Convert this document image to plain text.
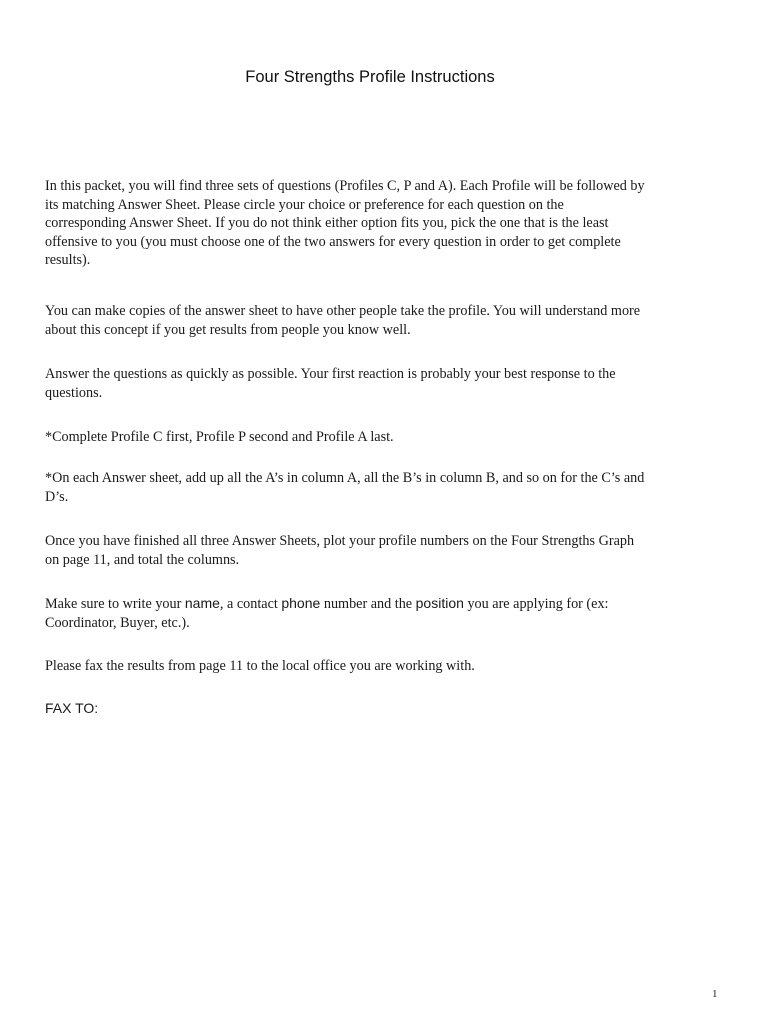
Four Strengths Profile Instructions

In this packet, you will find three sets of questions (Profiles C, P and A). Each Profile will be followed by its matching Answer Sheet. Please circle your choice or preference for each question on the corresponding Answer Sheet. If you do not think either option fits you, pick the one that is the least offensive to you (you must choose one of the two answers for every question in order to get complete results).

You can make copies of the answer sheet to have other people take the profile. You will understand more about this concept if you get results from people you know well.

Answer the questions as quickly as possible. Your first reaction is probably your best response to the questions.

*Complete Profile C first, Profile P second and Profile A last.

*On each Answer sheet, add up all the A’s in column A, all the B’s in column B, and so on for the C’s and D’s.

Once you have finished all three Answer Sheets, plot your profile numbers on the Four Strengths Graph on page 11, and total the columns.

Make sure to write your name, a contact phone number and the position you are applying for (ex: Coordinator, Buyer, etc.).

Please fax the results from page 11 to the local office you are working with.

FAX TO:

1
